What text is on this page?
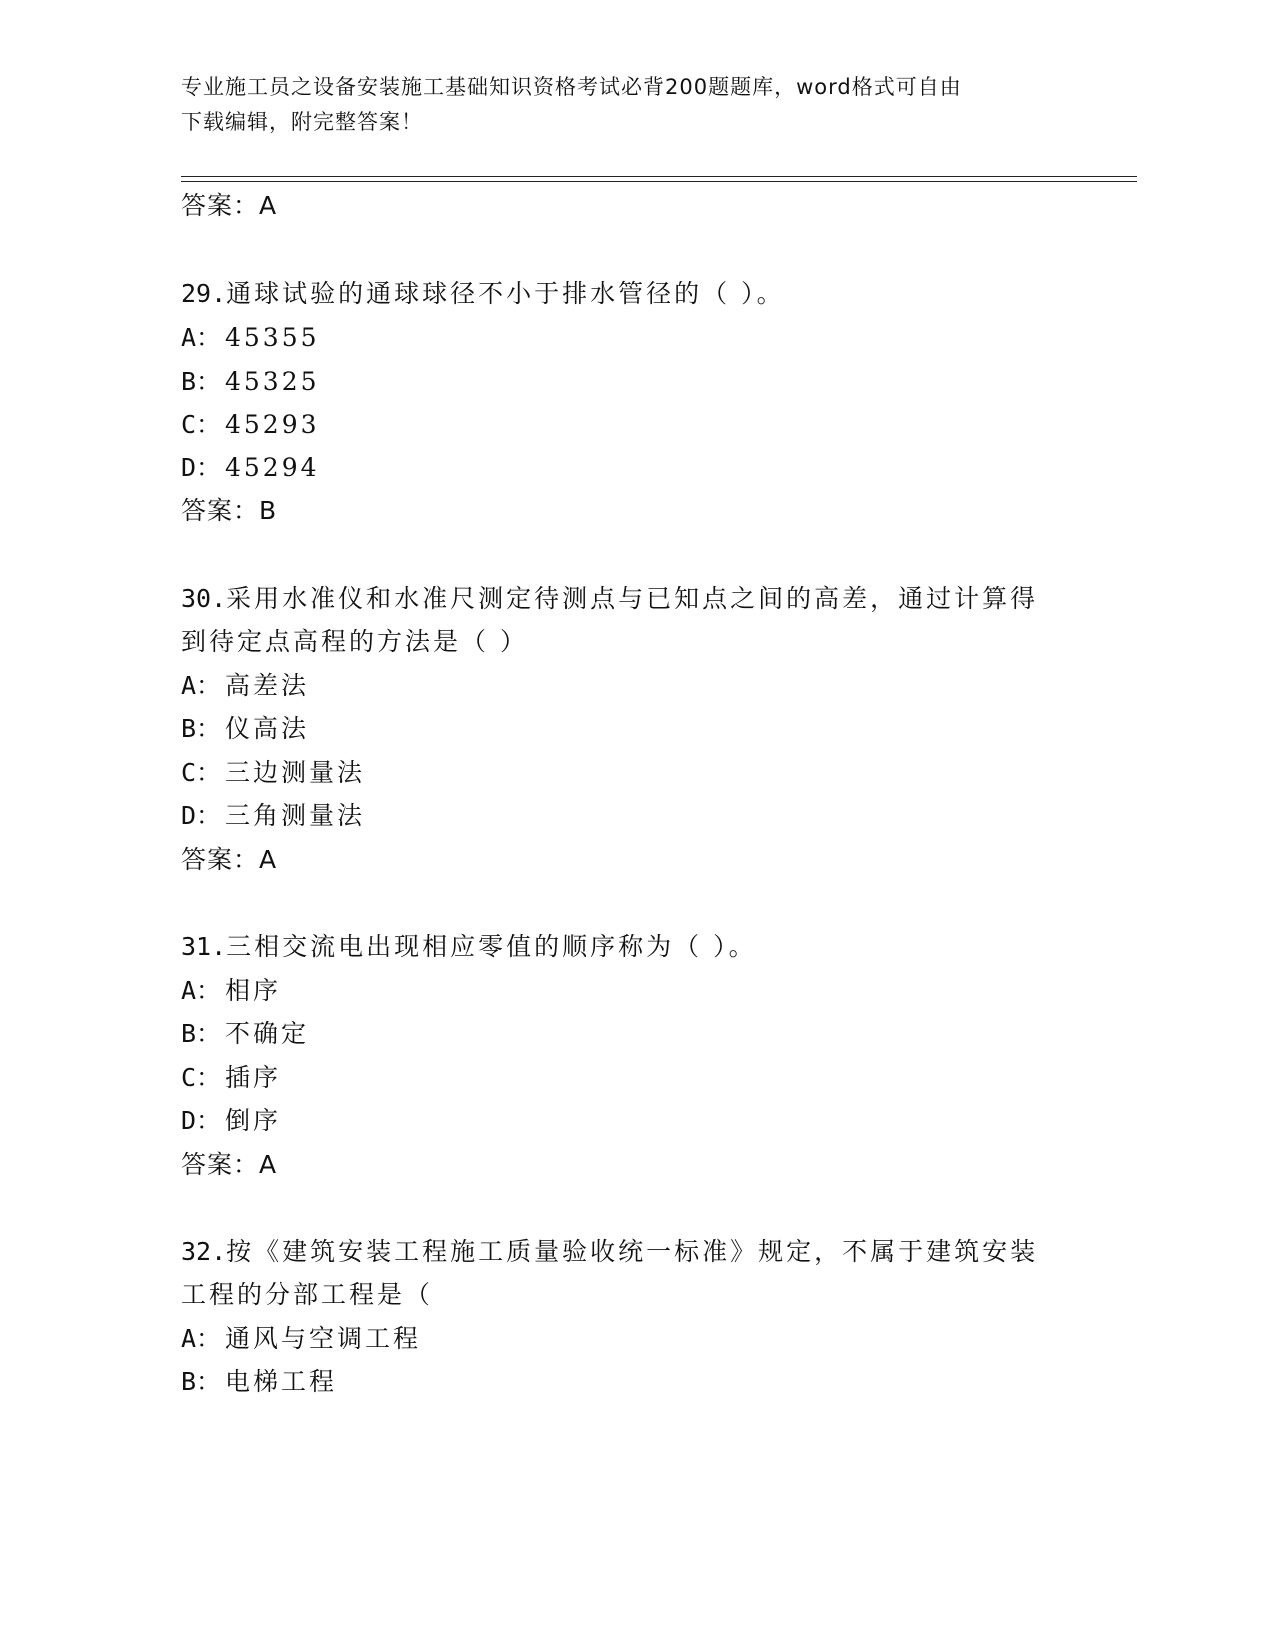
专业施工员之设备安装施工基础知识资格考试必背200题题库，word格式可自由
下载编辑，附完整答案！
答案：A
29.通球试验的通球球径不小于排水管径的（ ）。
A： 45355
B： 45325
C： 45293
D： 45294
答案：B
30.采用水准仪和水准尺测定待测点与已知点之间的高差，通过计算得
到待定点高程的方法是（ ）
A： 高差法
B： 仪高法
C： 三边测量法
D： 三角测量法
答案：A
31.三相交流电出现相应零值的顺序称为（ ）。
A： 相序
B： 不确定
C： 插序
D： 倒序
答案：A
32.按《建筑安装工程施工质量验收统一标准》规定，不属于建筑安装
工程的分部工程是（
A： 通风与空调工程
B： 电梯工程
